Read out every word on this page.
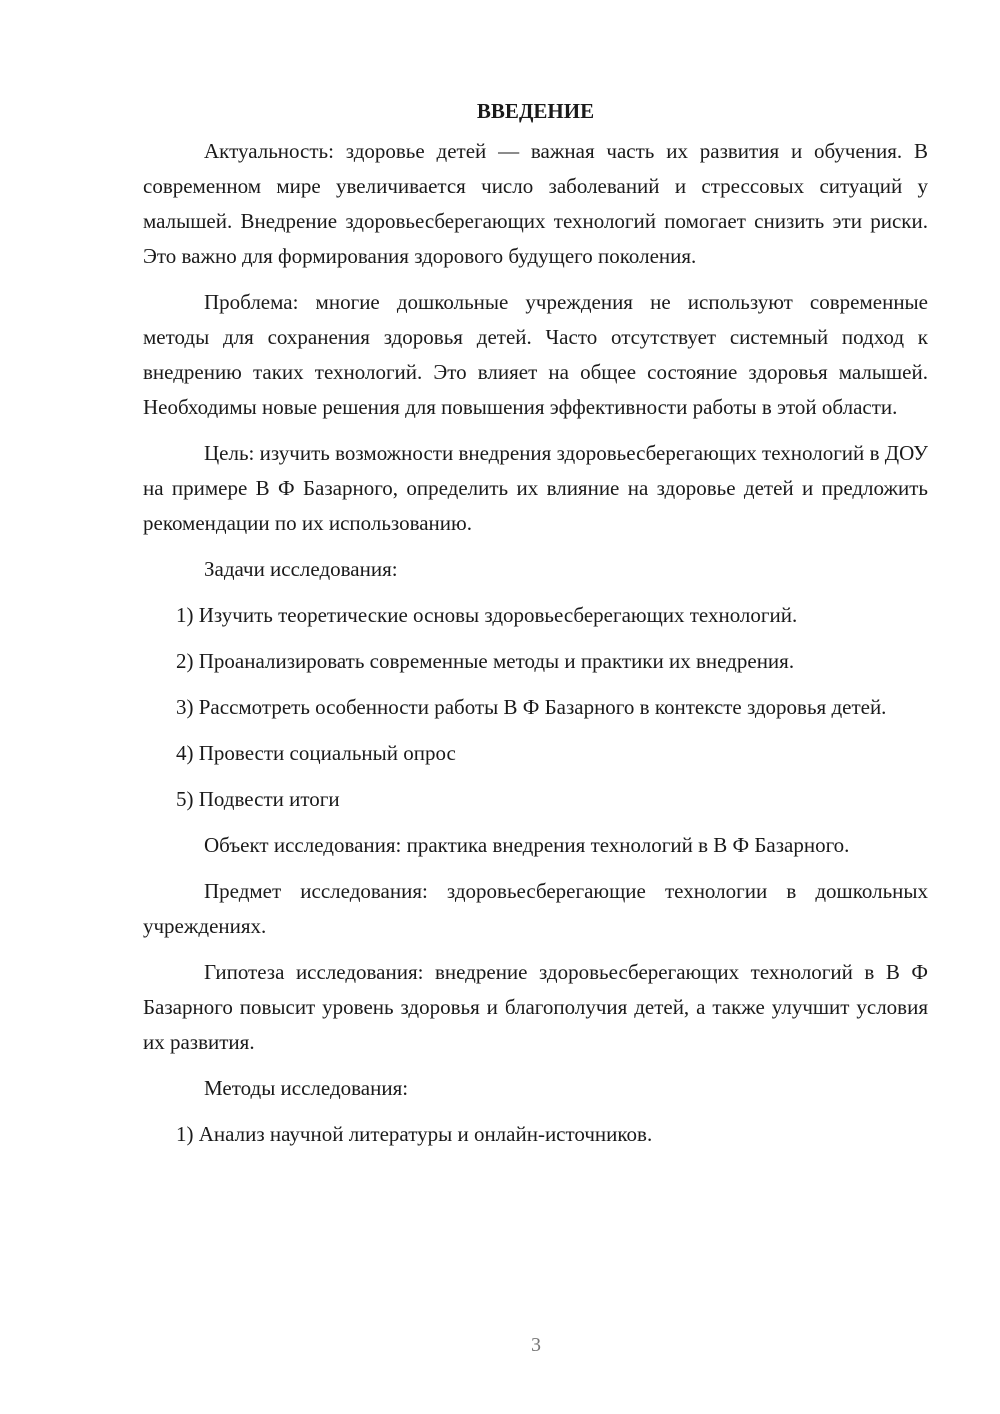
ВВЕДЕНИЕ

Актуальность: здоровье детей — важная часть их развития и обучения. В современном мире увеличивается число заболеваний и стрессовых ситуаций у малышей. Внедрение здоровьесберегающих технологий помогает снизить эти риски. Это важно для формирования здорового будущего поколения.

Проблема: многие дошкольные учреждения не используют современные методы для сохранения здоровья детей. Часто отсутствует системный подход к внедрению таких технологий. Это влияет на общее состояние здоровья малышей. Необходимы новые решения для повышения эффективности работы в этой области.

Цель: изучить возможности внедрения здоровьесберегающих технологий в ДОУ на примере В Ф Базарного, определить их влияние на здоровье детей и предложить рекомендации по их использованию.

Задачи исследования:

1) Изучить теоретические основы здоровьесберегающих технологий.

2) Проанализировать современные методы и практики их внедрения.

3) Рассмотреть особенности работы В Ф Базарного в контексте здоровья детей.

4) Провести социальный опрос

5) Подвести итоги

Объект исследования: практика внедрения технологий в В Ф Базарного.

Предмет исследования: здоровьесберегающие технологии в дошкольных учреждениях.

Гипотеза исследования: внедрение здоровьесберегающих технологий в В Ф Базарного повысит уровень здоровья и благополучия детей, а также улучшит условия их развития.

Методы исследования:

1) Анализ научной литературы и онлайн-источников.

3
